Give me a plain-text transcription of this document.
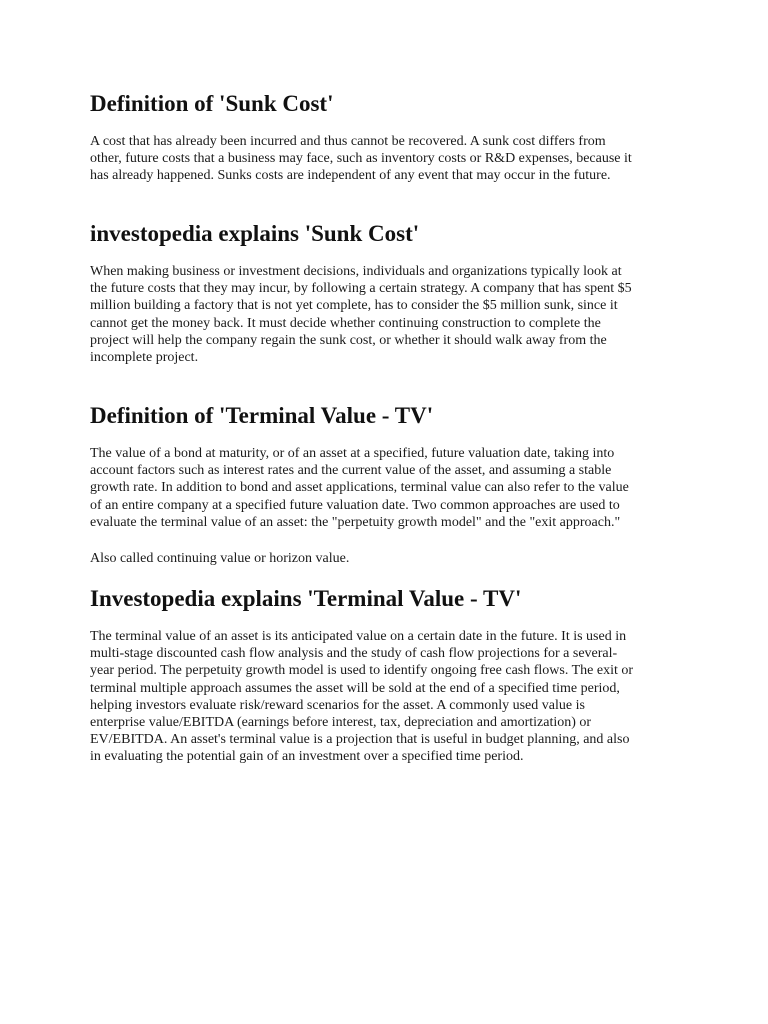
Definition of 'Sunk Cost'

A cost that has already been incurred and thus cannot be recovered. A sunk cost differs from
other, future costs that a business may face, such as inventory costs or R&D expenses, because it
has already happened. Sunks costs are independent of any event that may occur in the future.

investopedia explains 'Sunk Cost'

When making business or investment decisions, individuals and organizations typically look at
the future costs that they may incur, by following a certain strategy. A company that has spent $5
million building a factory that is not yet complete, has to consider the $5 million sunk, since it
cannot get the money back. It must decide whether continuing construction to complete the
project will help the company regain the sunk cost, or whether it should walk away from the
incomplete project.

Definition of 'Terminal Value - TV'

The value of a bond at maturity, or of an asset at a specified, future valuation date, taking into
account factors such as interest rates and the current value of the asset, and assuming a stable
growth rate. In addition to bond and asset applications, terminal value can also refer to the value
of an entire company at a specified future valuation date. Two common approaches are used to
evaluate the terminal value of an asset: the "perpetuity growth model" and the "exit approach."

Also called continuing value or horizon value.

Investopedia explains 'Terminal Value - TV'

The terminal value of an asset is its anticipated value on a certain date in the future. It is used in
multi-stage discounted cash flow analysis and the study of cash flow projections for a several-
year period. The perpetuity growth model is used to identify ongoing free cash flows. The exit or
terminal multiple approach assumes the asset will be sold at the end of a specified time period,
helping investors evaluate risk/reward scenarios for the asset. A commonly used value is
enterprise value/EBITDA (earnings before interest, tax, depreciation and amortization) or
EV/EBITDA. An asset's terminal value is a projection that is useful in budget planning, and also
in evaluating the potential gain of an investment over a specified time period.
